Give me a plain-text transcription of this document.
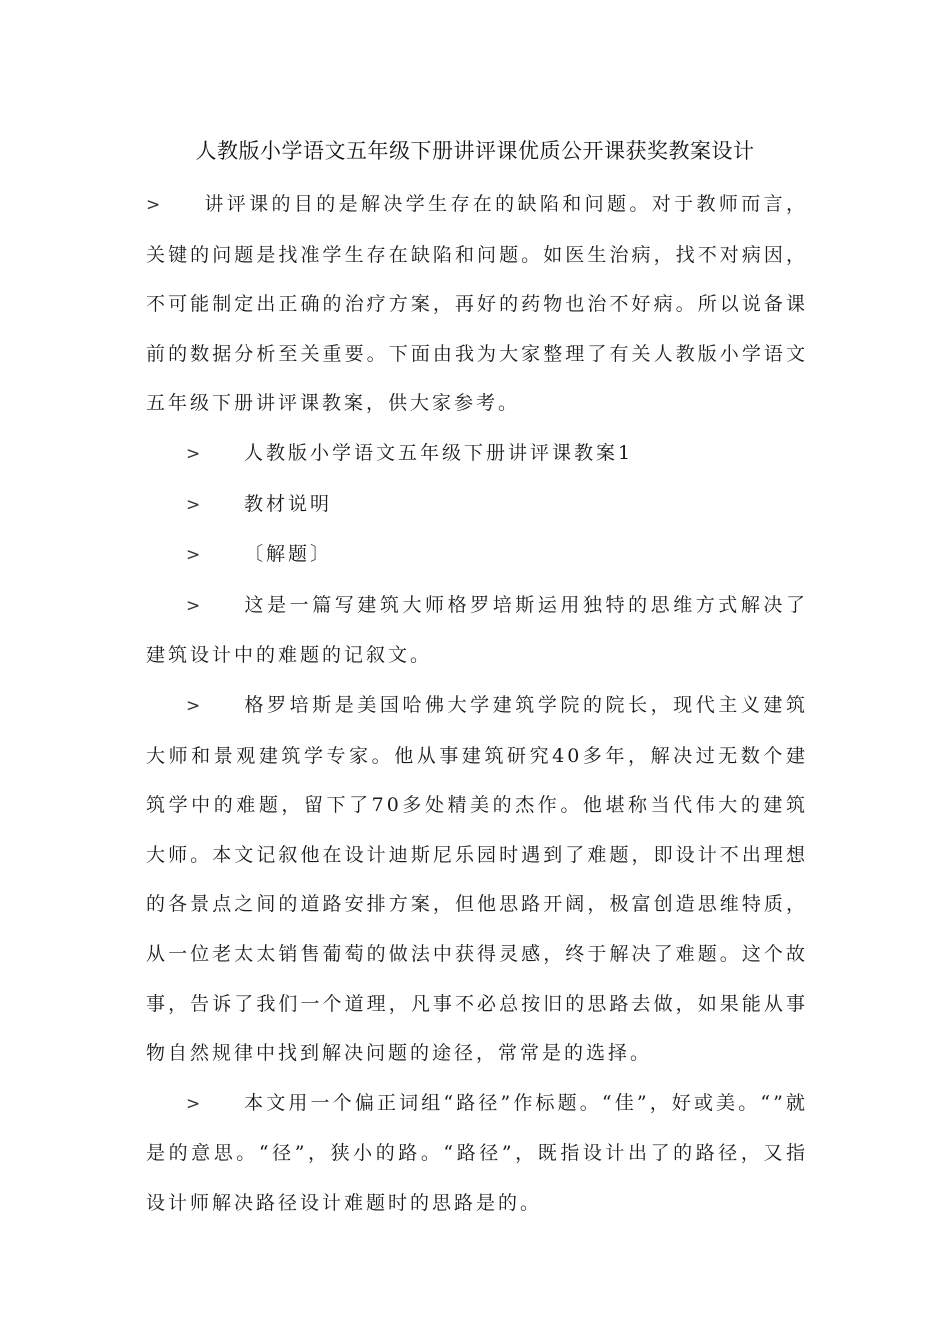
人教版小学语文五年级下册讲评课优质公开课获奖教案设计

> 讲评课的目的是解决学生存在的缺陷和问题。对于教师而言，关键的问题是找准学生存在缺陷和问题。如医生治病，找不对病因，不可能制定出正确的治疗方案，再好的药物也治不好病。所以说备课前的数据分析至关重要。下面由我为大家整理了有关人教版小学语文五年级下册讲评课教案，供大家参考。

> 人教版小学语文五年级下册讲评课教案1

> 教材说明

> 〔解题〕

> 这是一篇写建筑大师格罗培斯运用独特的思维方式解决了建筑设计中的难题的记叙文。

> 格罗培斯是美国哈佛大学建筑学院的院长，现代主义建筑大师和景观建筑学专家。他从事建筑研究40多年，解决过无数个建筑学中的难题，留下了70多处精美的杰作。他堪称当代伟大的建筑大师。本文记叙他在设计迪斯尼乐园时遇到了难题，即设计不出理想的各景点之间的道路安排方案，但他思路开阔，极富创造思维特质，从一位老太太销售葡萄的做法中获得灵感，终于解决了难题。这个故事，告诉了我们一个道理，凡事不必总按旧的思路去做，如果能从事物自然规律中找到解决问题的途径，常常是的选择。

> 本文用一个偏正词组“路径”作标题。“佳”，好或美。“”就是的意思。“径”，狭小的路。“路径”，既指设计出了的路径，又指设计师解决路径设计难题时的思路是的。
